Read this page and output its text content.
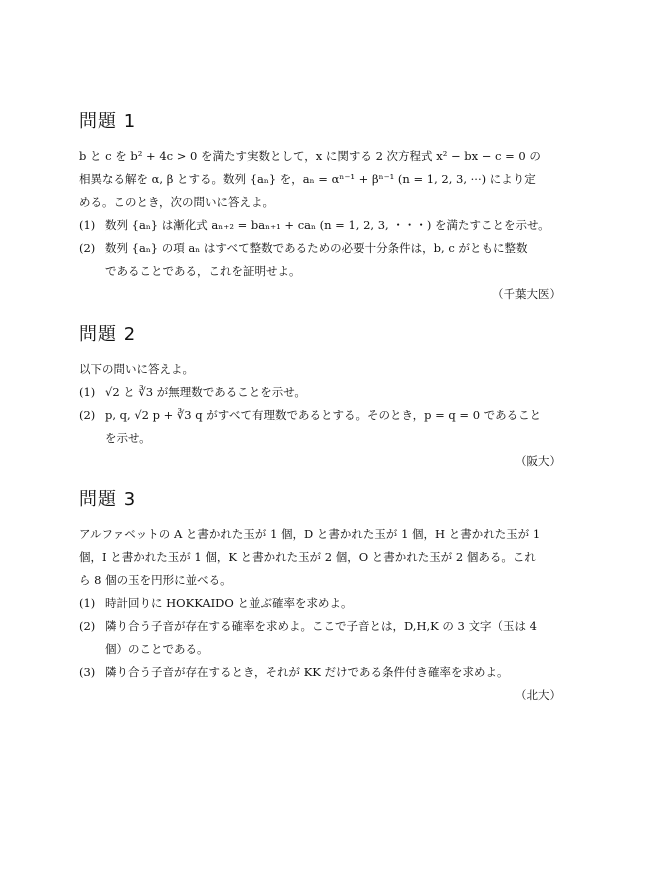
問題 1
b と c を b² + 4c > 0 を満たす実数として，x に関する 2 次方程式 x² − bx − c = 0 の
相異なる解を α, β とする。数列 {aₙ} を，aₙ = αⁿ⁻¹ + βⁿ⁻¹ (n = 1, 2, 3, ···) により定
める。このとき，次の問いに答えよ。
(1) 数列 {aₙ} は漸化式 aₙ₊₂ = baₙ₊₁ + caₙ (n = 1, 2, 3, ・・・) を満たすことを示せ。
(2) 数列 {aₙ} の項 aₙ はすべて整数であるための必要十分条件は，b, c がともに整数
であることである，これを証明せよ。
（千葉大医）
問題 2
以下の問いに答えよ。
(1) √2 と ∛3 が無理数であることを示せ。
(2) p, q, √2 p + ∛3 q がすべて有理数であるとする。そのとき，p = q = 0 であること
を示せ。
（阪大）
問題 3
アルファベットの A と書かれた玉が 1 個，D と書かれた玉が 1 個，H と書かれた玉が 1
個，I と書かれた玉が 1 個，K と書かれた玉が 2 個，O と書かれた玉が 2 個ある。これ
ら 8 個の玉を円形に並べる。
(1) 時計回りに HOKKAIDO と並ぶ確率を求めよ。
(2) 隣り合う子音が存在する確率を求めよ。ここで子音とは，D,H,K の 3 文字（玉は 4
個）のことである。
(3) 隣り合う子音が存在するとき，それが KK だけである条件付き確率を求めよ。
（北大）
